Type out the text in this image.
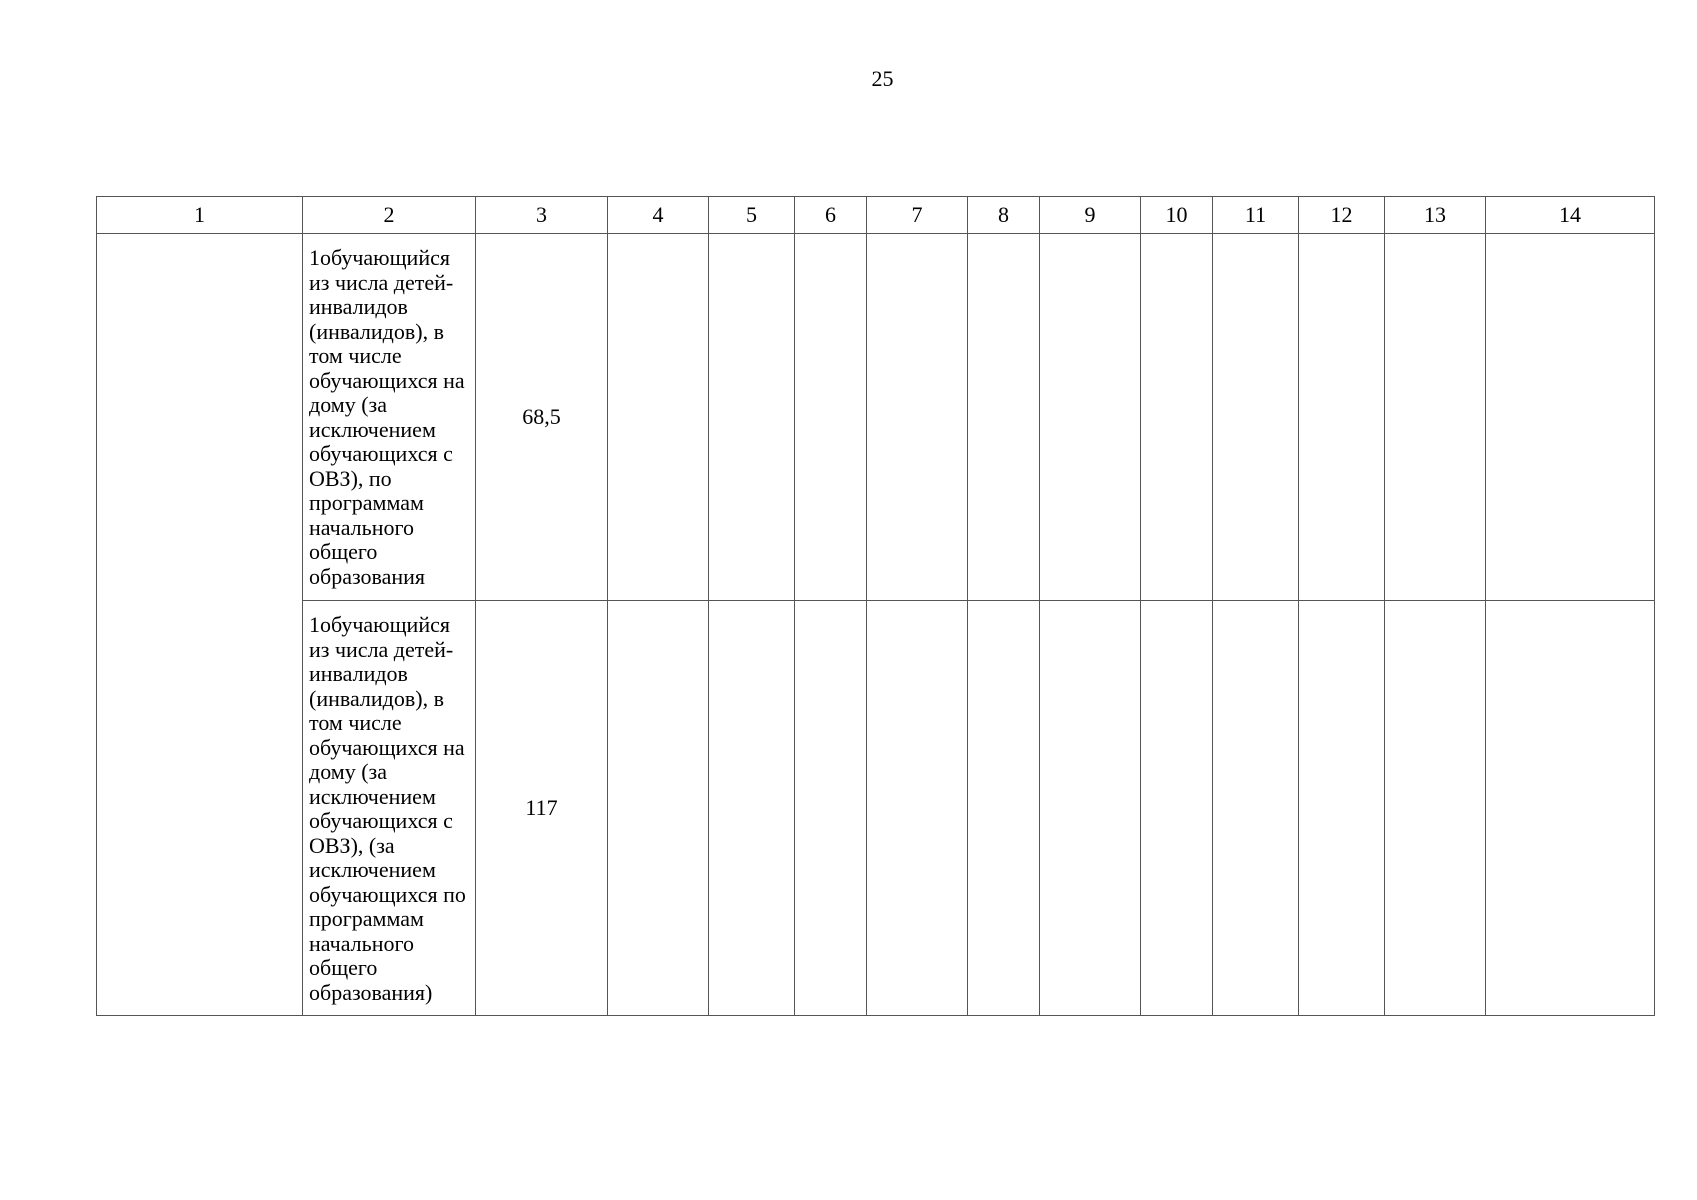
25
1	2	3	4	5	6	7	8	9	10	11	12	13	14
	1обучающийся из числа детей-инвалидов (инвалидов), в том числе обучающихся на дому (за исключением обучающихся с ОВЗ), по программам начального общего образования	68,5											
	1обучающийся из числа детей-инвалидов (инвалидов), в том числе обучающихся на дому (за исключением обучающихся с ОВЗ), (за исключением обучающихся по программам начального общего образования)	117											
